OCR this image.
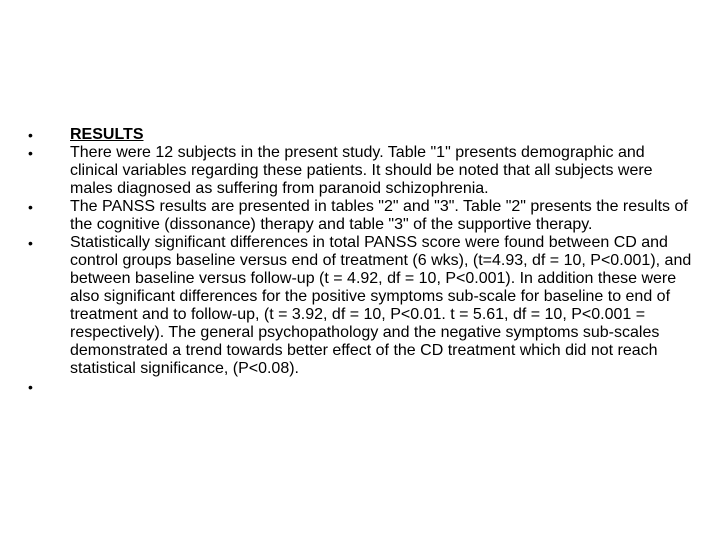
•	RESULTS
•	There were 12 subjects in the present study. Table "1" presents demographic and clinical variables regarding these patients. It should be noted that all subjects were males diagnosed as suffering from paranoid schizophrenia.
•	The PANSS results are presented in tables "2" and "3". Table "2" presents the results of the cognitive (dissonance) therapy and table "3" of the supportive therapy.
•	Statistically significant differences in total PANSS score were found between CD and control groups baseline versus end of treatment (6 wks), (t=4.93, df = 10, P<0.001), and between baseline versus follow‑up (t = 4.92, df = 10, P<0.001). In addition these were also significant differences for the positive symptoms sub‑scale for baseline to end of treatment and to follow‑up, (t = 3.92, df = 10, P<0.01. t = 5.61, df = 10, P<0.001 = respectively). The general psychopathology and the negative symptoms sub‑scales demonstrated a trend towards better effect of the CD treatment which did not reach statistical significance, (P<0.08).
•
